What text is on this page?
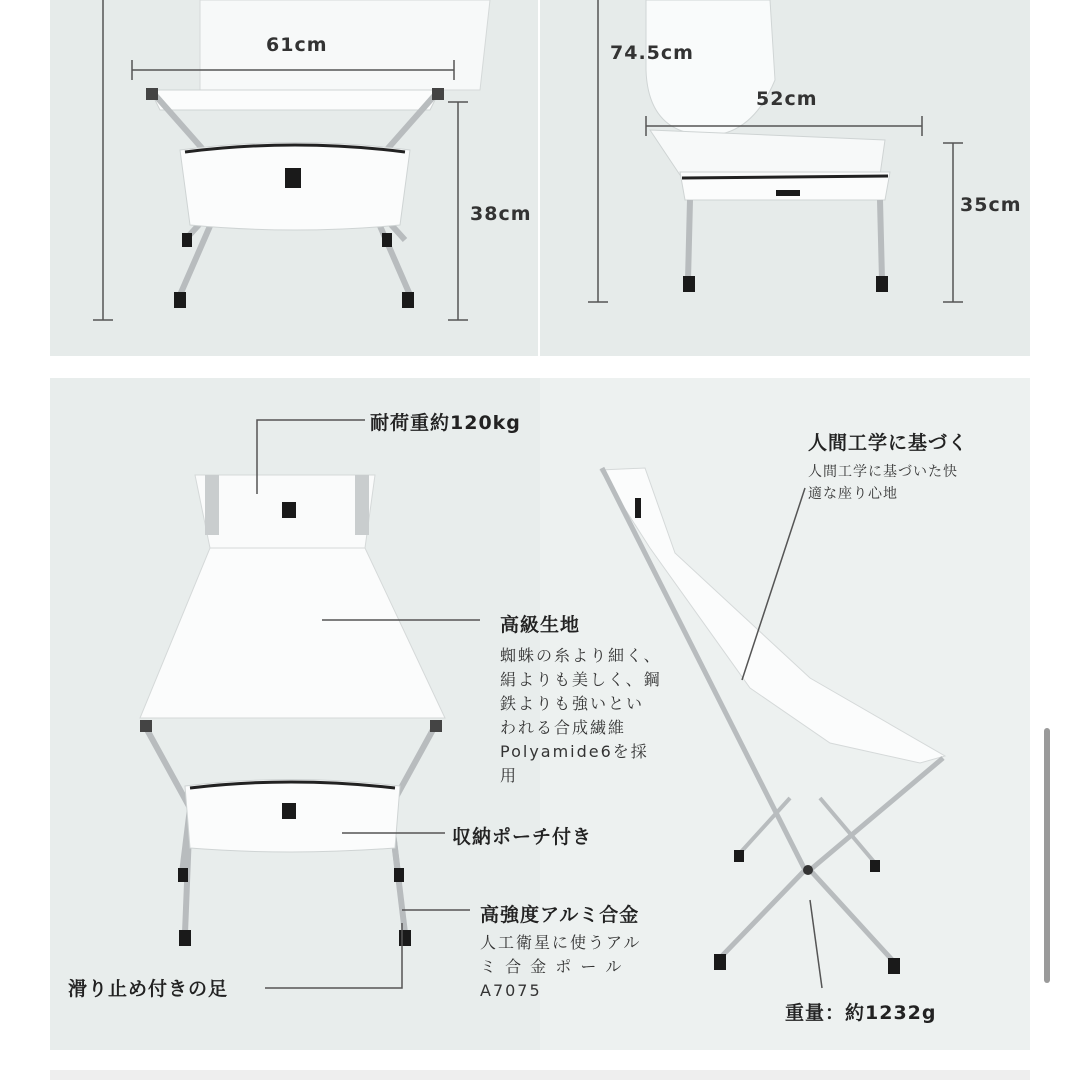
61cm
38cm
74.5cm
52cm
35cm
耐荷重約120kg
人間工学に基づく
人間工学に基づいた快
適な座り心地
高級生地
蜘蛛の糸より細く、
絹よりも美しく、鋼
鉄よりも強いとい
われる合成繊維
Polyamide6を採
用
収納ポーチ付き
高強度アルミ合金
人工衛星に使うアル
ミ 合 金 ポ ー ル
A7075
滑り止め付きの足
重量：約1232g
